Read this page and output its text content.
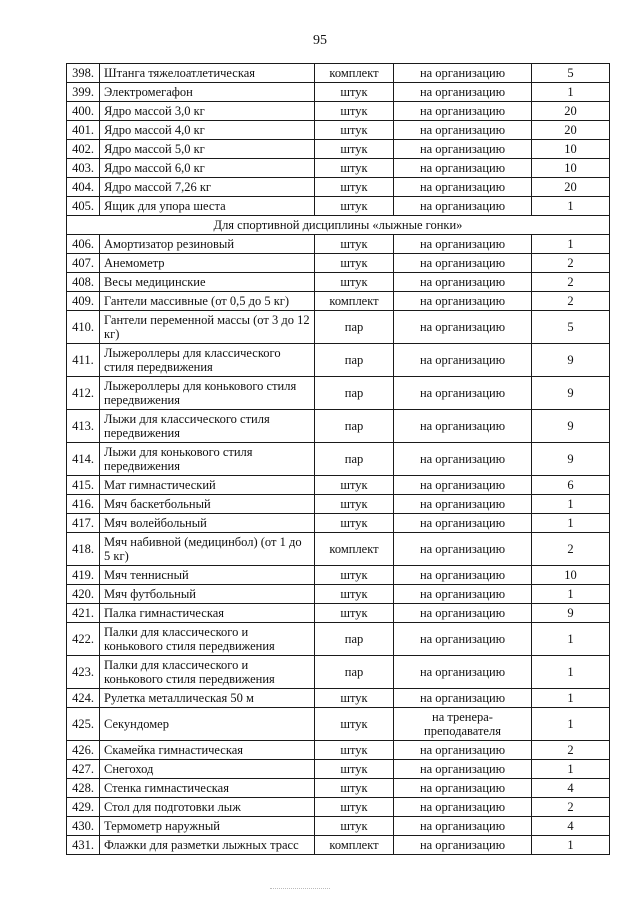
95
398.	Штанга тяжелоатлетическая	комплект	на организацию	5
399.	Электромегафон	штук	на организацию	1
400.	Ядро массой 3,0 кг	штук	на организацию	20
401.	Ядро массой 4,0 кг	штук	на организацию	20
402.	Ядро массой 5,0 кг	штук	на организацию	10
403.	Ядро массой 6,0 кг	штук	на организацию	10
404.	Ядро массой 7,26 кг	штук	на организацию	20
405.	Ящик для упора шеста	штук	на организацию	1
Для спортивной дисциплины «лыжные гонки»				
406.	Амортизатор резиновый	штук	на организацию	1
407.	Анемометр	штук	на организацию	2
408.	Весы медицинские	штук	на организацию	2
409.	Гантели массивные (от 0,5 до 5 кг)	комплект	на организацию	2
410.	Гантели переменной массы (от 3 до 12 кг)	пар	на организацию	5
411.	Лыжероллеры для классического стиля передвижения	пар	на организацию	9
412.	Лыжероллеры для конькового стиля передвижения	пар	на организацию	9
413.	Лыжи для классического стиля передвижения	пар	на организацию	9
414.	Лыжи для конькового стиля передвижения	пар	на организацию	9
415.	Мат гимнастический	штук	на организацию	6
416.	Мяч баскетбольный	штук	на организацию	1
417.	Мяч волейбольный	штук	на организацию	1
418.	Мяч набивной (медицинбол) (от 1 до 5 кг)	комплект	на организацию	2
419.	Мяч теннисный	штук	на организацию	10
420.	Мяч футбольный	штук	на организацию	1
421.	Палка гимнастическая	штук	на организацию	9
422.	Палки для классического и конькового стиля передвижения	пар	на организацию	1
423.	Палки для классического и конькового стиля передвижения	пар	на организацию	1
424.	Рулетка металлическая 50 м	штук	на организацию	1
425.	Секундомер	штук	на тренера-преподавателя	1
426.	Скамейка гимнастическая	штук	на организацию	2
427.	Снегоход	штук	на организацию	1
428.	Стенка гимнастическая	штук	на организацию	4
429.	Стол для подготовки лыж	штук	на организацию	2
430.	Термометр наружный	штук	на организацию	4
431.	Флажки для разметки лыжных трасс	комплект	на организацию	1
